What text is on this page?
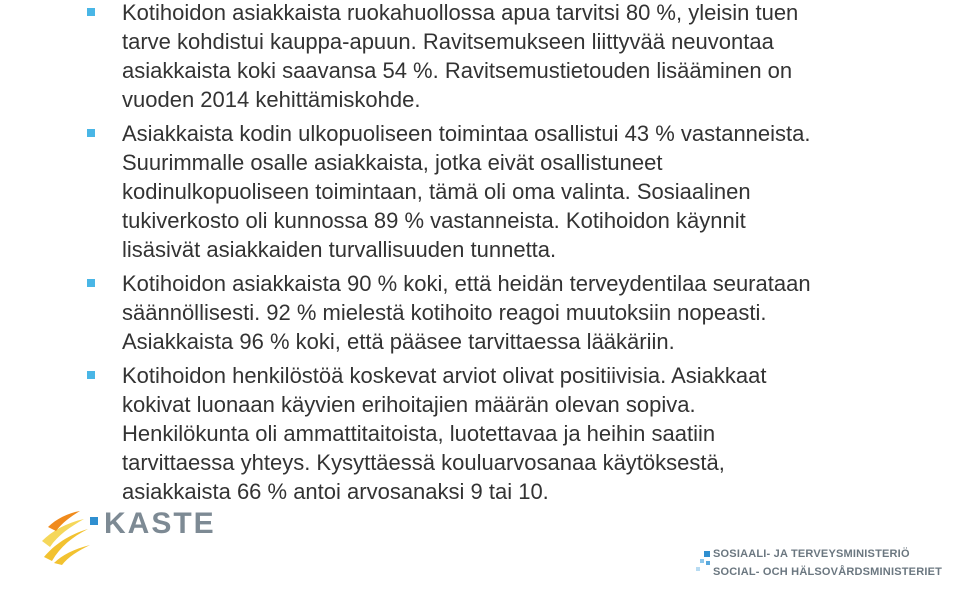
Kotihoidon asiakkaista ruokahuollossa apua tarvitsi 80 %, yleisin tuen
tarve kohdistui kauppa-apuun. Ravitsemukseen liittyvää neuvontaa
asiakkaista koki saavansa 54 %. Ravitsemustietouden lisääminen on
vuoden 2014 kehittämiskohde.
Asiakkaista kodin ulkopuoliseen toimintaa osallistui 43 % vastanneista.
Suurimmalle osalle asiakkaista, jotka eivät osallistuneet
kodinulkopuoliseen toimintaan, tämä oli oma valinta. Sosiaalinen
tukiverkosto oli kunnossa 89 % vastanneista. Kotihoidon käynnit
lisäsivät asiakkaiden turvallisuuden tunnetta.
Kotihoidon asiakkaista 90 % koki, että heidän terveydentilaa seurataan
säännöllisesti. 92 % mielestä kotihoito reagoi muutoksiin nopeasti.
Asiakkaista 96 % koki, että pääsee tarvittaessa lääkäriin.
Kotihoidon henkilöstöä koskevat arviot olivat positiivisia. Asiakkaat
kokivat luonaan käyvien erihoitajien määrän olevan sopiva.
Henkilökunta oli ammattitaitoista, luotettavaa ja heihin saatiin
tarvittaessa yhteys. Kysyttäessä kouluarvosanaa käytöksestä,
asiakkaista 66 % antoi arvosanaksi 9 tai 10.
KASTE
SOSIAALI- JA TERVEYSMINISTERIÖ
SOCIAL- OCH HÄLSOVÅRDSMINISTERIET
